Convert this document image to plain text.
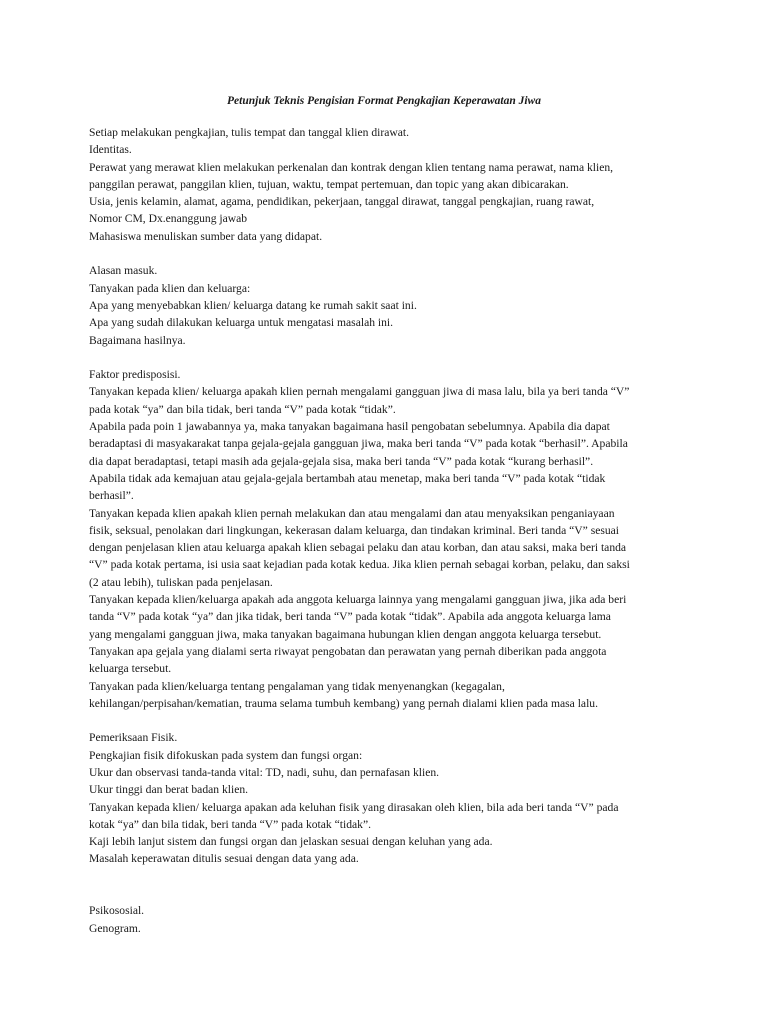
Petunjuk Teknis Pengisian Format Pengkajian Keperawatan Jiwa
Setiap melakukan pengkajian, tulis tempat dan tanggal klien dirawat.
Identitas.
Perawat yang merawat klien melakukan perkenalan dan kontrak dengan klien tentang nama perawat, nama klien,
panggilan perawat, panggilan klien, tujuan, waktu, tempat pertemuan, dan topic yang akan dibicarakan.
Usia, jenis kelamin, alamat, agama, pendidikan, pekerjaan, tanggal dirawat, tanggal pengkajian, ruang rawat,
Nomor CM, Dx.enanggung jawab
Mahasiswa menuliskan sumber data yang didapat.
Alasan masuk.
Tanyakan pada klien dan keluarga:
Apa yang menyebabkan klien/ keluarga datang ke rumah sakit saat ini.
Apa yang sudah dilakukan keluarga untuk mengatasi masalah ini.
Bagaimana hasilnya.
Faktor predisposisi.
Tanyakan kepada klien/ keluarga apakah klien pernah mengalami gangguan jiwa di masa lalu, bila ya beri tanda “V”
pada kotak “ya” dan bila tidak, beri tanda “V” pada kotak “tidak”.
Apabila pada poin 1 jawabannya ya, maka tanyakan bagaimana hasil pengobatan sebelumnya. Apabila dia dapat
beradaptasi di masyakarakat tanpa gejala-gejala gangguan jiwa, maka beri tanda “V” pada kotak “berhasil”. Apabila
dia dapat beradaptasi, tetapi masih ada gejala-gejala sisa, maka beri tanda “V” pada kotak “kurang berhasil”.
Apabila tidak ada kemajuan atau gejala-gejala bertambah atau menetap, maka beri tanda “V” pada kotak “tidak
berhasil”.
Tanyakan kepada klien apakah klien pernah melakukan dan atau mengalami dan atau menyaksikan penganiayaan
fisik, seksual, penolakan dari lingkungan, kekerasan dalam keluarga, dan tindakan kriminal. Beri tanda “V” sesuai
dengan penjelasan klien atau keluarga apakah klien sebagai pelaku dan atau korban, dan atau saksi, maka beri tanda
“V” pada kotak pertama, isi usia saat kejadian pada kotak kedua. Jika klien pernah sebagai korban, pelaku, dan saksi
(2 atau lebih), tuliskan pada penjelasan.
Tanyakan kepada klien/keluarga apakah ada anggota keluarga lainnya yang mengalami gangguan jiwa, jika ada beri
tanda “V” pada kotak “ya” dan jika tidak, beri tanda “V” pada kotak “tidak”. Apabila ada anggota keluarga lama
yang mengalami gangguan jiwa, maka tanyakan bagaimana hubungan klien dengan anggota keluarga tersebut.
Tanyakan apa gejala yang dialami serta riwayat pengobatan dan perawatan yang pernah diberikan pada anggota
keluarga tersebut.
Tanyakan pada klien/keluarga tentang pengalaman yang tidak menyenangkan (kegagalan,
kehilangan/perpisahan/kematian, trauma selama tumbuh kembang) yang pernah dialami klien pada masa lalu.
Pemeriksaan Fisik.
Pengkajian fisik difokuskan pada system dan fungsi organ:
Ukur dan observasi tanda-tanda vital: TD, nadi, suhu, dan pernafasan klien.
Ukur tinggi dan berat badan klien.
Tanyakan kepada klien/ keluarga apakan ada keluhan fisik yang dirasakan oleh klien, bila ada beri tanda “V” pada
kotak “ya” dan bila tidak, beri tanda “V” pada kotak “tidak”.
Kaji lebih lanjut sistem dan fungsi organ dan jelaskan sesuai dengan keluhan yang ada.
Masalah keperawatan ditulis sesuai dengan data yang ada.
Psikososial.
Genogram.
